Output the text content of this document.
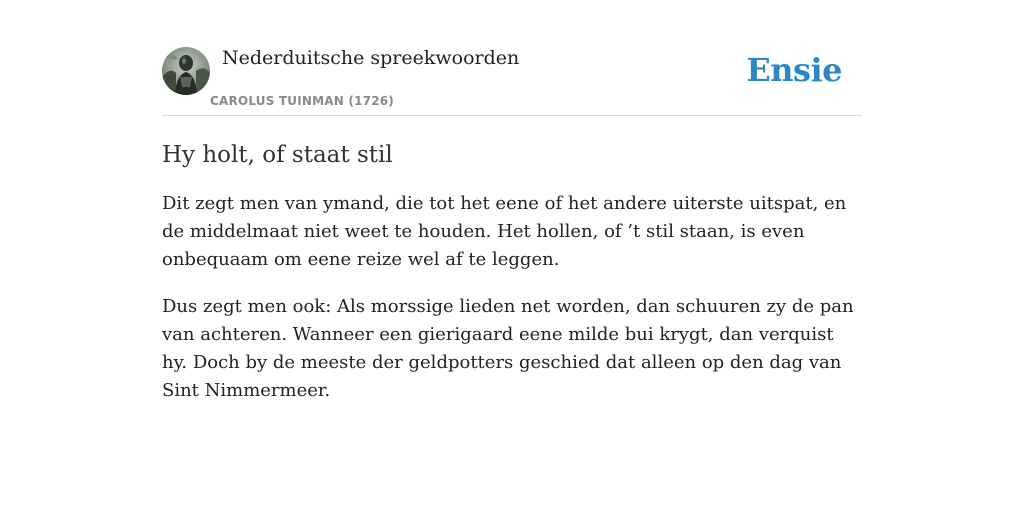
Nederduitsche spreekwoorden
CAROLUS TUINMAN (1726)
Ensie
Hy holt, of staat stil

Dit zegt men van ymand, die tot het eene of het andere uiterste uitspat, en de middelmaat niet weet te houden. Het hollen, of ’t stil staan, is even onbequaam om eene reize wel af te leggen.

Dus zegt men ook: Als morssige lieden net worden, dan schuuren zy de pan van achteren. Wanneer een gierigaard eene milde bui krygt, dan verquist hy. Doch by de meeste der geldpotters geschied dat alleen op den dag van Sint Nimmermeer.
